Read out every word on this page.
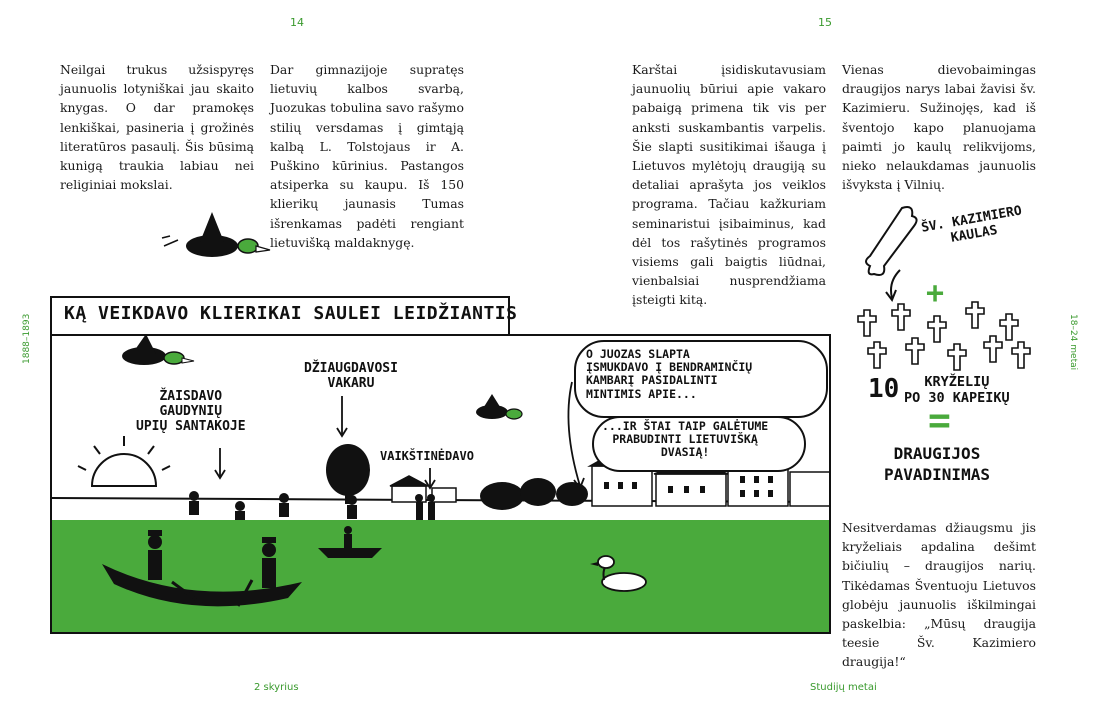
14	15
1888–1893	18–24 metai
Neilgai trukus užsispyręs jaunuolis lotyniškai jau skaito knygas. O dar pramokęs lenkiškai, pasineria į grožinės literatūros pasaulį. Šis būsimą kunigą traukia labiau nei religiniai mokslai.
Dar gimnazijoje supratęs lietuvių kalbos svarbą, Juozukas tobulina savo rašymo stilių versdamas į gimtąją kalbą L. Tolstojaus ir A. Puškino kūrinius. Pastangos atsiperka su kaupu. Iš 150 klierikų jaunasis Tumas išrenkamas padėti rengiant lietuvišką maldaknygę.
Karštai įsidiskutavusiam jaunuolių būriui apie vakaro pabaigą primena tik vis per anksti suskambantis varpelis. Šie slapti susitikimai išauga į Lietuvos mylėtojų draugiją su detaliai aprašyta jos veiklos programa. Tačiau kažkuriam seminaristui įsibaiminus, kad dėl tos rašytinės programos visiems gali baigtis liūdnai, vienbalsiai nusprendžiama įsteigti kitą.
Vienas dievobaimingas draugijos narys labai žavisi šv. Kazimieru. Sužinojęs, kad iš šventojo kapo planuojama paimti jo kaulų relikvijoms, nieko nelaukdamas jaunuolis išvyksta į Vilnių.
Nesitverdamas džiaugsmu jis kryželiais apdalina dešimt bičiulių – draugijos narių. Tikėdamas Šventuoju Lietuvos globėju jaunuolis iškilmingai paskelbia: „Mūsų draugija teesie Šv. Kazimiero draugija!“
KĄ VEIKDAVO KLIERIKAI SAULEI LEIDŽIANTIS
ŽAISDAVO
GAUDYNIŲ
UPIŲ SANTAKOJE
DŽIAUGDAVOSI
VAKARU
VAIKŠTINĖDAVO
O JUOZAS SLAPTA
ĮSMUKDAVO Į BENDRAMINČIŲ
KAMBARĮ PASIDALINTI
MINTIMIS APIE...
...IR ŠTAI TAIP GALĖTUME
PRABUDINTI LIETUVIŠKĄ
DVASIĄ!
ŠV. KAZIMIERO
KAULAS
+
10	KRYŽELIŲ
PO 30 KAPEIKŲ
=
DRAUGIJOS
PAVADINIMAS
2 skyrius	Studijų metai
